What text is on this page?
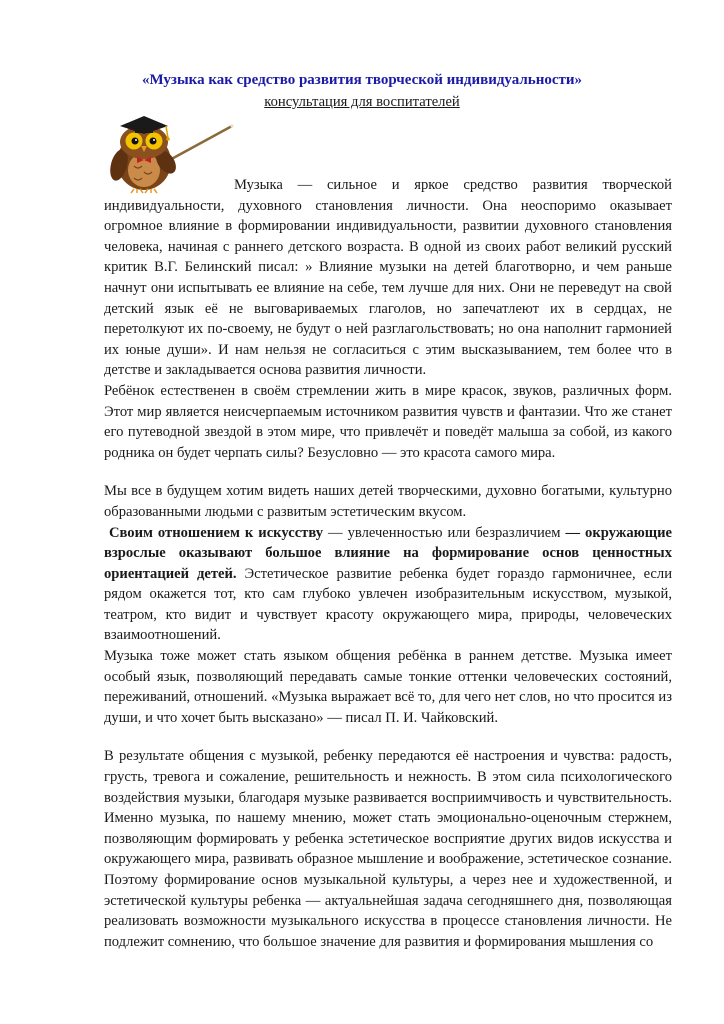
«Музыка как средство развития творческой индивидуальности»
консультация для воспитателей

Музыка — сильное и яркое средство развития творческой индивидуальности, духовного становления личности. Она неоспоримо оказывает огромное влияние в формировании индивидуальности, развитии духовного становления человека, начиная с раннего детского возраста. В одной из своих работ великий русский критик В.Г. Белинский писал: » Влияние музыки на детей благотворно, и чем раньше начнут они испытывать ее влияние на себе, тем лучше для них. Они не переведут на свой детский язык её не выговариваемых глаголов, но запечатлеют их в сердцах, не перетолкуют их по-своему, не будут о ней разглагольствовать; но она наполнит гармонией их юные души». И нам нельзя не согласиться с этим высказыванием, тем более что в детстве и закладывается основа развития личности.

Ребёнок естественен в своём стремлении жить в мире красок, звуков, различных форм. Этот мир является неисчерпаемым источником развития чувств и фантазии. Что же станет его путеводной звездой в этом мире, что привлечёт и поведёт малыша за собой, из какого родника он будет черпать силы? Безусловно — это красота самого мира.

Мы все в будущем хотим видеть наших детей творческими, духовно богатыми, культурно образованными людьми с развитым эстетическим вкусом.

Своим отношением к искусству — увлеченностью или безразличием — окружающие взрослые оказывают большое влияние на формирование основ ценностных ориентацией детей. Эстетическое развитие ребенка будет гораздо гармоничнее, если рядом окажется тот, кто сам глубоко увлечен изобразительным искусством, музыкой, театром, кто видит и чувствует красоту окружающего мира, природы, человеческих взаимоотношений.

Музыка тоже может стать языком общения ребёнка в раннем детстве. Музыка имеет особый язык, позволяющий передавать самые тонкие оттенки человеческих состояний, переживаний, отношений. «Музыка выражает всё то, для чего нет слов, но что просится из души, и что хочет быть высказано» — писал П. И. Чайковский.

В результате общения с музыкой, ребенку передаются её настроения и чувства: радость, грусть, тревога и сожаление, решительность и нежность. В этом сила психологического воздействия музыки, благодаря музыке развивается восприимчивость и чувствительность. Именно музыка, по нашему мнению, может стать эмоционально-оценочным стержнем, позволяющим формировать у ребенка эстетическое восприятие других видов искусства и окружающего мира, развивать образное мышление и воображение, эстетическое сознание. Поэтому формирование основ музыкальной культуры, а через нее и художественной, и эстетической культуры ребенка — актуальнейшая задача сегодняшнего дня, позволяющая реализовать возможности музыкального искусства в процессе становления личности. Не подлежит сомнению, что большое значение для развития и формирования мышления со
